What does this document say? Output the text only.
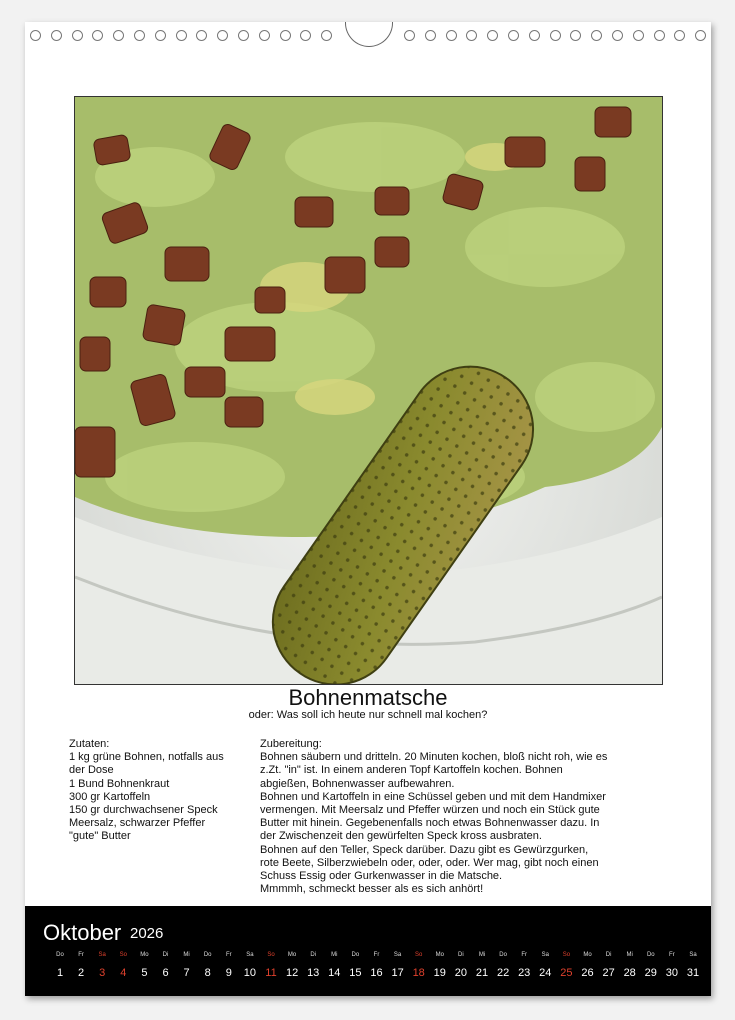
Bohnenmatsche
oder: Was soll ich heute nur schnell mal kochen?
Zutaten:
1 kg grüne Bohnen, notfalls aus
der Dose
1 Bund Bohnenkraut
300 gr Kartoffeln
150 gr durchwachsener Speck
Meersalz, schwarzer Pfeffer
"gute" Butter
Zubereitung:
Bohnen säubern und dritteln. 20 Minuten kochen, bloß nicht roh, wie es
z.Zt. "in" ist. In einem anderen Topf Kartoffeln kochen. Bohnen
abgießen, Bohnenwasser aufbewahren.
Bohnen und Kartoffeln in eine Schüssel geben und mit dem Handmixer
vermengen. Mit Meersalz und Pfeffer würzen und noch ein Stück gute
Butter mit hinein. Gegebenenfalls noch etwas Bohnenwasser dazu. In
der Zwischenzeit den gewürfelten Speck kross ausbraten.
Bohnen auf den Teller, Speck darüber. Dazu gibt es Gewürzgurken,
rote Beete, Silberzwiebeln oder, oder, oder. Wer mag, gibt noch einen
Schuss Essig oder Gurkenwasser in die Matsche.
Mmmmh, schmeckt besser als es sich anhört!
Oktober 2026
Do
1
Fr
2
Sa
3
So
4
Mo
5
Di
6
Mi
7
Do
8
Fr
9
Sa
10
So
11
Mo
12
Di
13
Mi
14
Do
15
Fr
16
Sa
17
So
18
Mo
19
Di
20
Mi
21
Do
22
Fr
23
Sa
24
So
25
Mo
26
Di
27
Mi
28
Do
29
Fr
30
Sa
31
